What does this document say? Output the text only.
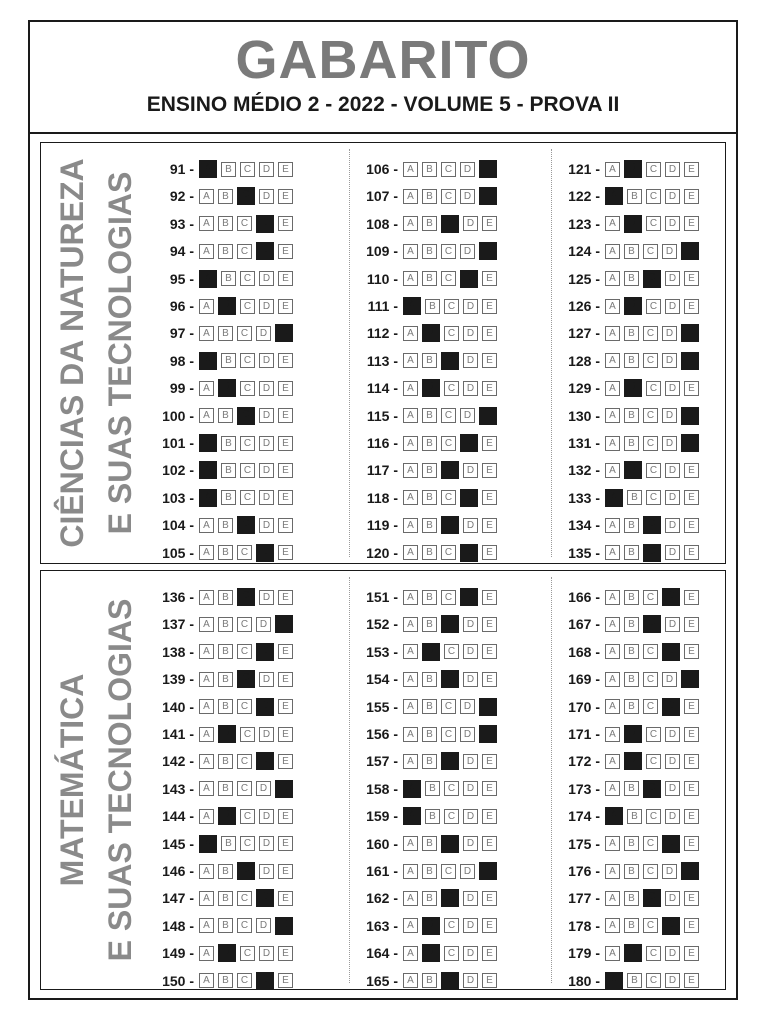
GABARITO
ENSINO MÉDIO 2 - 2022 - VOLUME 5 - PROVA II
CIÊNCIAS DA NATUREZA E SUAS TECNOLOGIAS
91 -	A	B	C	D	E
92 - A	B	C	D	E
93 - A	B	C	D	E
94 - A	B	C	D	E
95 -	A	B	C	D	E
96 - A	B	C	D	E
97 - A	B	C	D	E
98 -	A	B	C	D	E
99 - A	B	C	D	E
100 - A	B	C	D	E
101 -	A	B	C	D	E
102 -	A	B	C	D	E
103 -	A	B	C	D	E
104 - A	B	C	D	E
105 - A	B	C	D	E
106 - A	B	C	D	E
107 - A	B	C	D	E
108 - A	B	C	D	E
109 - A	B	C	D	E
110 - A	B	C	D	E
111 -	A	B	C	D	E
112 - A	B	C	D	E
113 - A	B	C	D	E
114 - A	B	C	D	E
115 - A	B	C	D	E
116 - A	B	C	D	E
117 - A	B	C	D	E
118 - A	B	C	D	E
119 - A	B	C	D	E
120 - A	B	C	D	E
121 - A	B	C	D	E
122 -	A	B	C	D	E
123 - A	B	C	D	E
124 - A	B	C	D	E
125 - A	B	C	D	E
126 - A	B	C	D	E
127 - A	B	C	D	E
128 - A	B	C	D	E
129 - A	B	C	D	E
130 - A	B	C	D	E
131 - A	B	C	D	E
132 - A	B	C	D	E
133 -	A	B	C	D	E
134 - A	B	C	D	E
135 - A	B	C	D	E
MATEMÁTICA E SUAS TECNOLOGIAS
136 - A	B	C	D	E
137 - A	B	C	D	E
138 - A	B	C	D	E
139 - A	B	C	D	E
140 - A	B	C	D	E
141 - A	B	C	D	E
142 - A	B	C	D	E
143 - A	B	C	D	E
144 - A	B	C	D	E
145 -	A	B	C	D	E
146 - A	B	C	D	E
147 - A	B	C	D	E
148 - A	B	C	D	E
149 - A	B	C	D	E
150 - A	B	C	D	E
151 - A	B	C	D	E
152 - A	B	C	D	E
153 - A	B	C	D	E
154 - A	B	C	D	E
155 - A	B	C	D	E
156 - A	B	C	D	E
157 - A	B	C	D	E
158 -	A	B	C	D	E
159 -	A	B	C	D	E
160 - A	B	C	D	E
161 - A	B	C	D	E
162 - A	B	C	D	E
163 - A	B	C	D	E
164 - A	B	C	D	E
165 - A	B	C	D	E
166 - A	B	C	D	E
167 - A	B	C	D	E
168 - A	B	C	D	E
169 - A	B	C	D	E
170 - A	B	C	D	E
171 - A	B	C	D	E
172 - A	B	C	D	E
173 - A	B	C	D	E
174 -	A	B	C	D	E
175 - A	B	C	D	E
176 - A	B	C	D	E
177 - A	B	C	D	E
178 - A	B	C	D	E
179 - A	B	C	D	E
180 -	A	B	C	D	E
